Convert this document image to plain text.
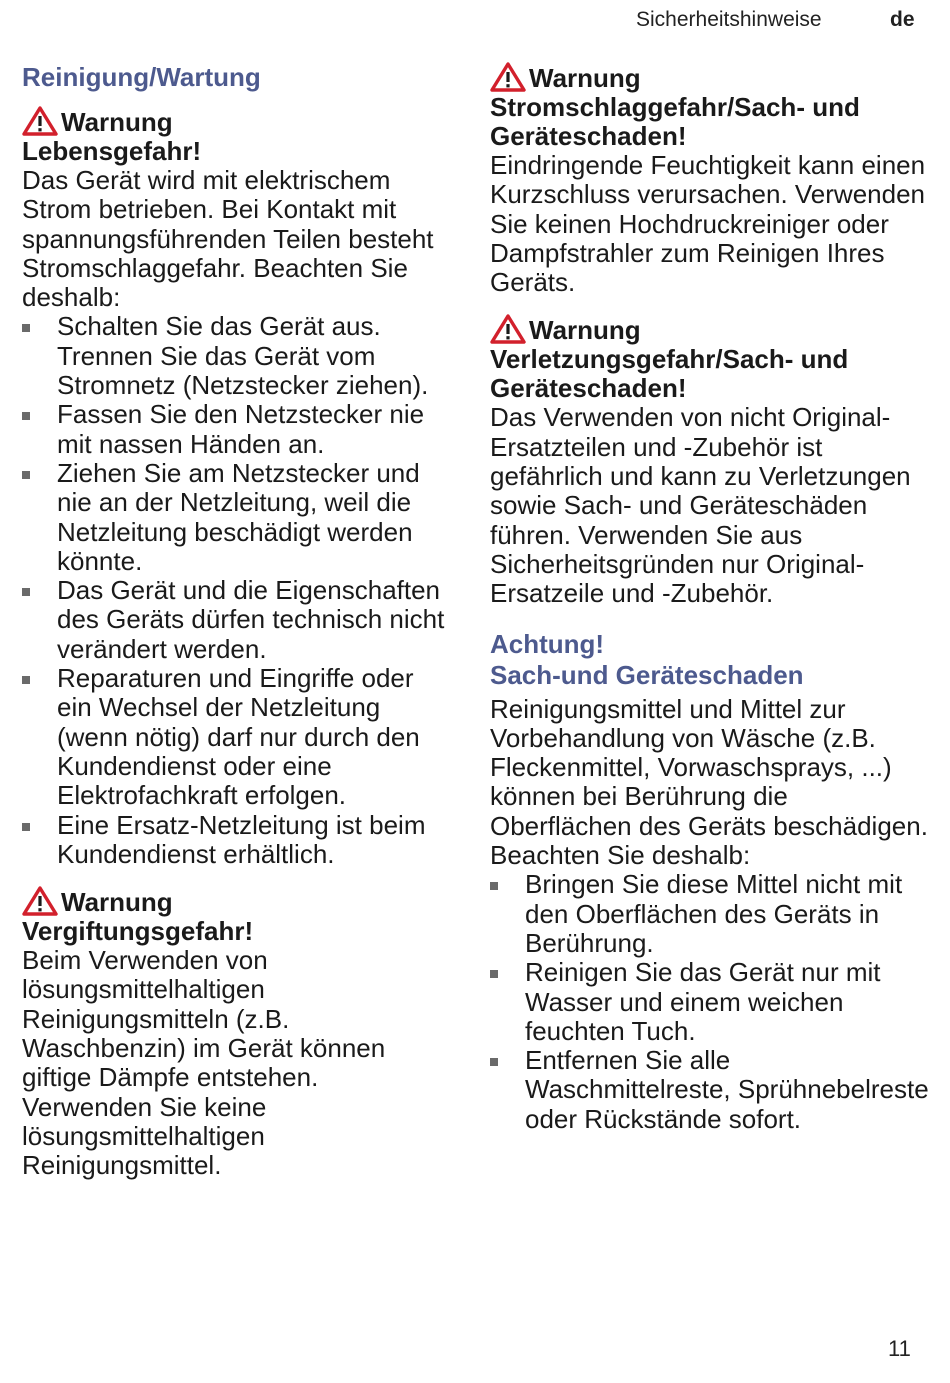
Sicherheitshinweise	de
Reinigung/Wartung
Warnung
Lebensgefahr!

Das Gerät wird mit elektrischem Strom betrieben. Bei Kontakt mit spannungsführenden Teilen besteht Stromschlaggefahr. Beachten Sie deshalb:

Schalten Sie das Gerät aus. Trennen Sie das Gerät vom Stromnetz (Netzstecker ziehen).
Fassen Sie den Netzstecker nie mit nassen Händen an.
Ziehen Sie am Netzstecker und nie an der Netzleitung, weil die Netzleitung beschädigt werden könnte.
Das Gerät und die Eigenschaften des Geräts dürfen technisch nicht verändert werden.
Reparaturen und Eingriffe oder ein Wechsel der Netzleitung (wenn nötig) darf nur durch den Kundendienst oder eine Elektrofachkraft erfolgen.
Eine Ersatz-Netzleitung ist beim Kundendienst erhältlich.
Warnung
Vergiftungsgefahr!

Beim Verwenden von lösungsmittelhaltigen Reinigungsmitteln (z.B. Waschbenzin) im Gerät können giftige Dämpfe entstehen. Verwenden Sie keine lösungsmittelhaltigen Reinigungsmittel.

Warnung
Stromschlaggefahr/Sach- und Geräteschaden!

Eindringende Feuchtigkeit kann einen Kurzschluss verursachen. Verwenden Sie keinen Hochdruckreiniger oder Dampfstrahler zum Reinigen Ihres Geräts.

Warnung
Verletzungsgefahr/Sach- und Geräteschaden!

Das Verwenden von nicht Original-Ersatzteilen und -Zubehör ist gefährlich und kann zu Verletzungen sowie Sach- und Geräteschäden führen. Verwenden Sie aus Sicherheitsgründen nur Original-Ersatzeile und -Zubehör.

Achtung!
Sach-und Geräteschaden

Reinigungsmittel und Mittel zur Vorbehandlung von Wäsche (z.B. Fleckenmittel, Vorwaschsprays, ...) können bei Berührung die Oberflächen des Geräts beschädigen. Beachten Sie deshalb:

Bringen Sie diese Mittel nicht mit den Oberflächen des Geräts in Berührung.
Reinigen Sie das Gerät nur mit Wasser und einem weichen feuchten Tuch.
Entfernen Sie alle Waschmittelreste, Sprühnebelreste oder Rückstände sofort.
11
